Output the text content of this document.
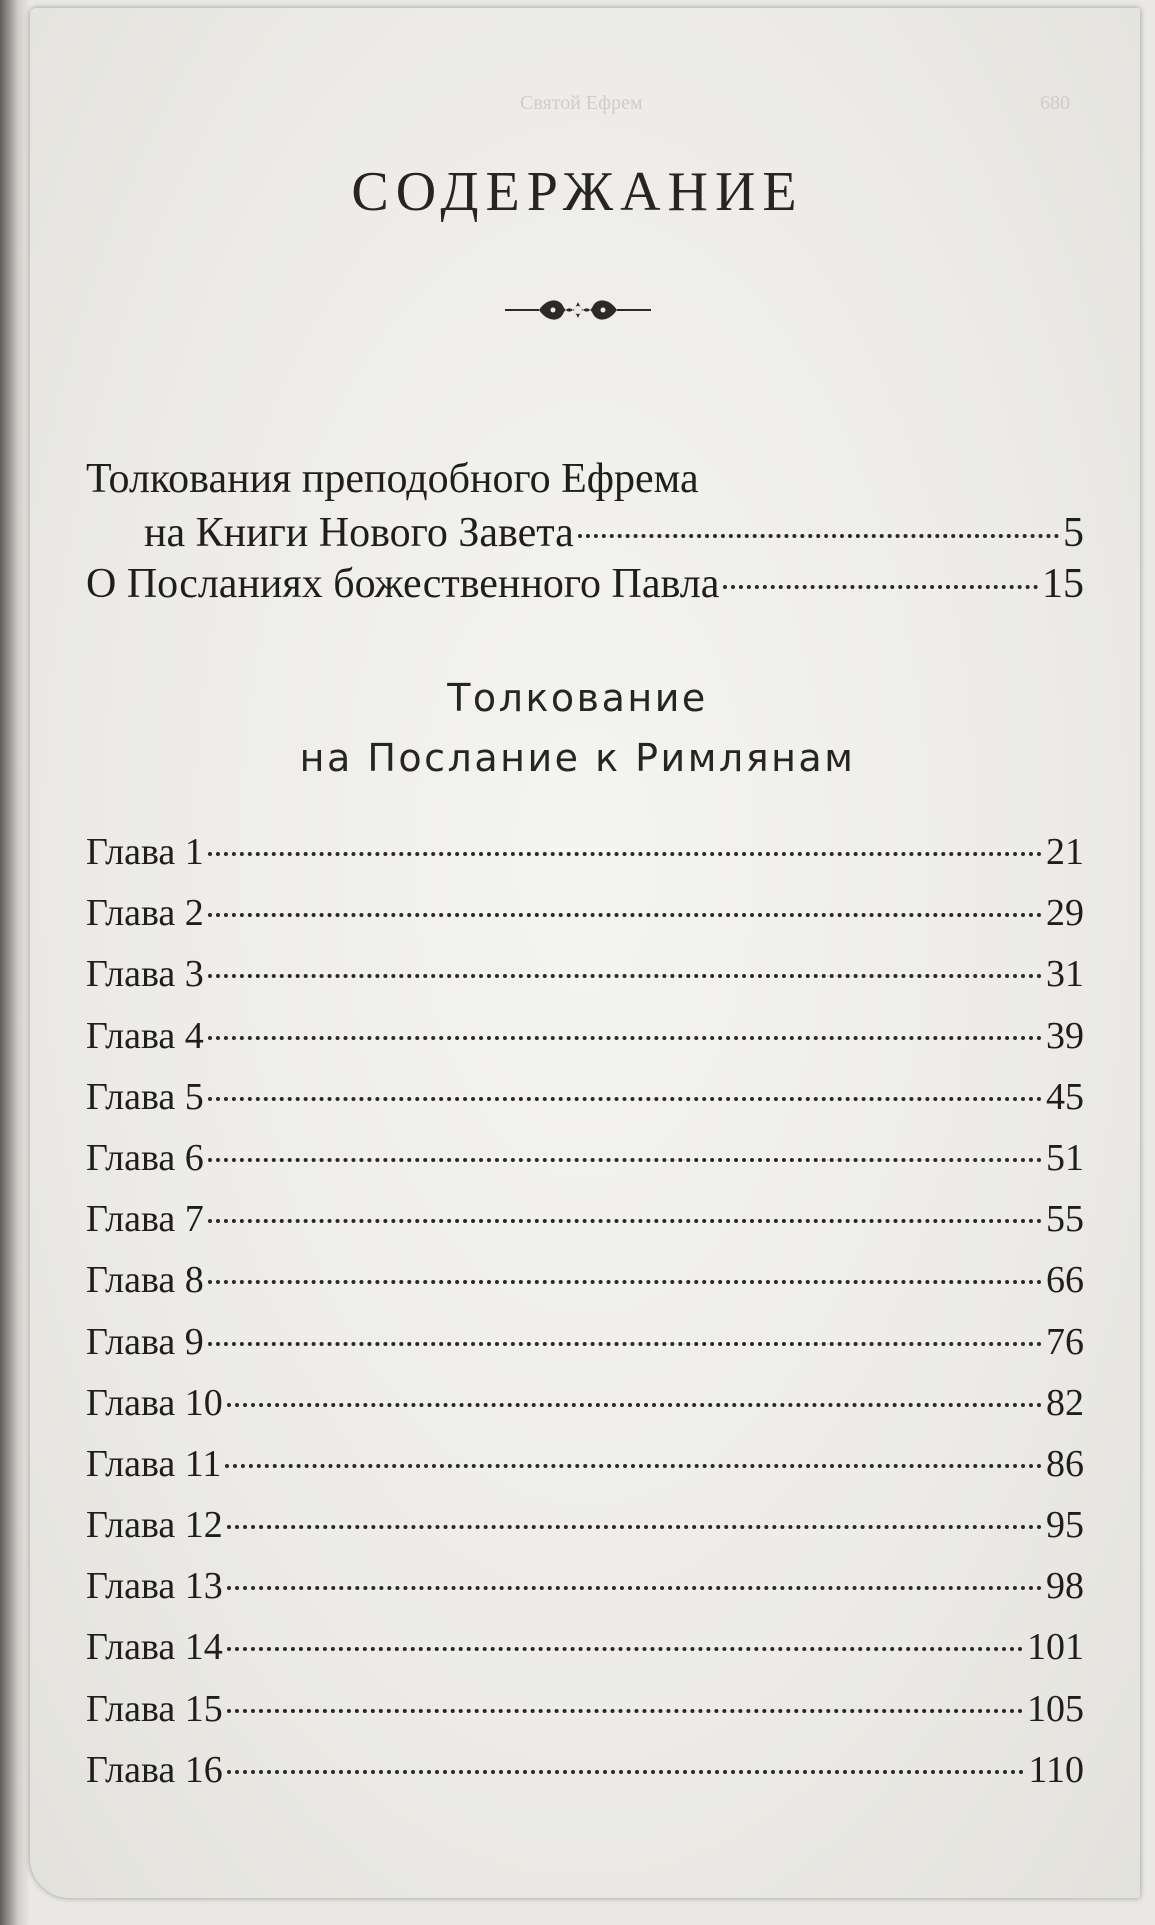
Святой Ефрем	680
СОДЕРЖАНИЕ
Толкования преподобного Ефрема
на Книги Нового Завета	5
О Посланиях божественного Павла	15
Толкование
на Послание к Римлянам
Глава 1	21
Глава 2	29
Глава 3	31
Глава 4	39
Глава 5	45
Глава 6	51
Глава 7	55
Глава 8	66
Глава 9	76
Глава 10	82
Глава 11	86
Глава 12	95
Глава 13	98
Глава 14	101
Глава 15	105
Глава 16	110
